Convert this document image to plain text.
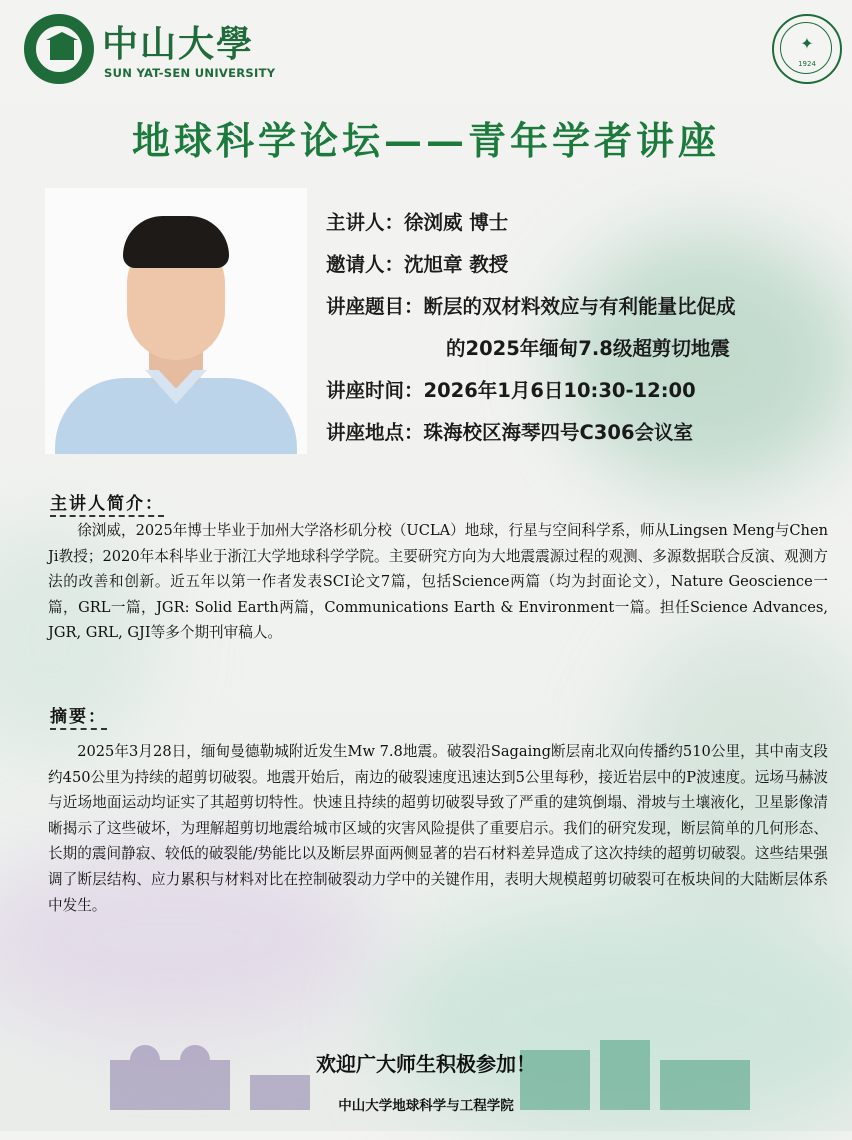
中山大學
SUN YAT-SEN UNIVERSITY
✦
1924
地球科学论坛——青年学者讲座
主讲人：徐浏威 博士
邀请人：沈旭章 教授
讲座题目：断层的双材料效应与有利能量比促成
的2025年缅甸7.8级超剪切地震
讲座时间：2026年1月6日10:30-12:00
讲座地点：珠海校区海琴四号C306会议室
主讲人简介：

徐浏威，2025年博士毕业于加州大学洛杉矶分校（UCLA）地球，行星与空间科学系，师从Lingsen Meng与Chen Ji教授；2020年本科毕业于浙江大学地球科学学院。主要研究方向为大地震震源过程的观测、多源数据联合反演、观测方法的改善和创新。近五年以第一作者发表SCI论文7篇，包括Science两篇（均为封面论文），Nature Geoscience一篇，GRL一篇，JGR: Solid Earth两篇，Communications Earth & Environment一篇。担任Science Advances, JGR, GRL, GJI等多个期刊审稿人。

摘要：

2025年3月28日，缅甸曼德勒城附近发生Mw 7.8地震。破裂沿Sagaing断层南北双向传播约510公里，其中南支段约450公里为持续的超剪切破裂。地震开始后，南边的破裂速度迅速达到5公里每秒，接近岩层中的P波速度。远场马赫波与近场地面运动均证实了其超剪切特性。快速且持续的超剪切破裂导致了严重的建筑倒塌、滑坡与土壤液化，卫星影像清晰揭示了这些破坏，为理解超剪切地震给城市区域的灾害风险提供了重要启示。我们的研究发现，断层简单的几何形态、长期的震间静寂、较低的破裂能/势能比以及断层界面两侧显著的岩石材料差异造成了这次持续的超剪切破裂。这些结果强调了断层结构、应力累积与材料对比在控制破裂动力学中的关键作用，表明大规模超剪切破裂可在板块间的大陆断层体系中发生。

欢迎广大师生积极参加！
中山大学地球科学与工程学院
